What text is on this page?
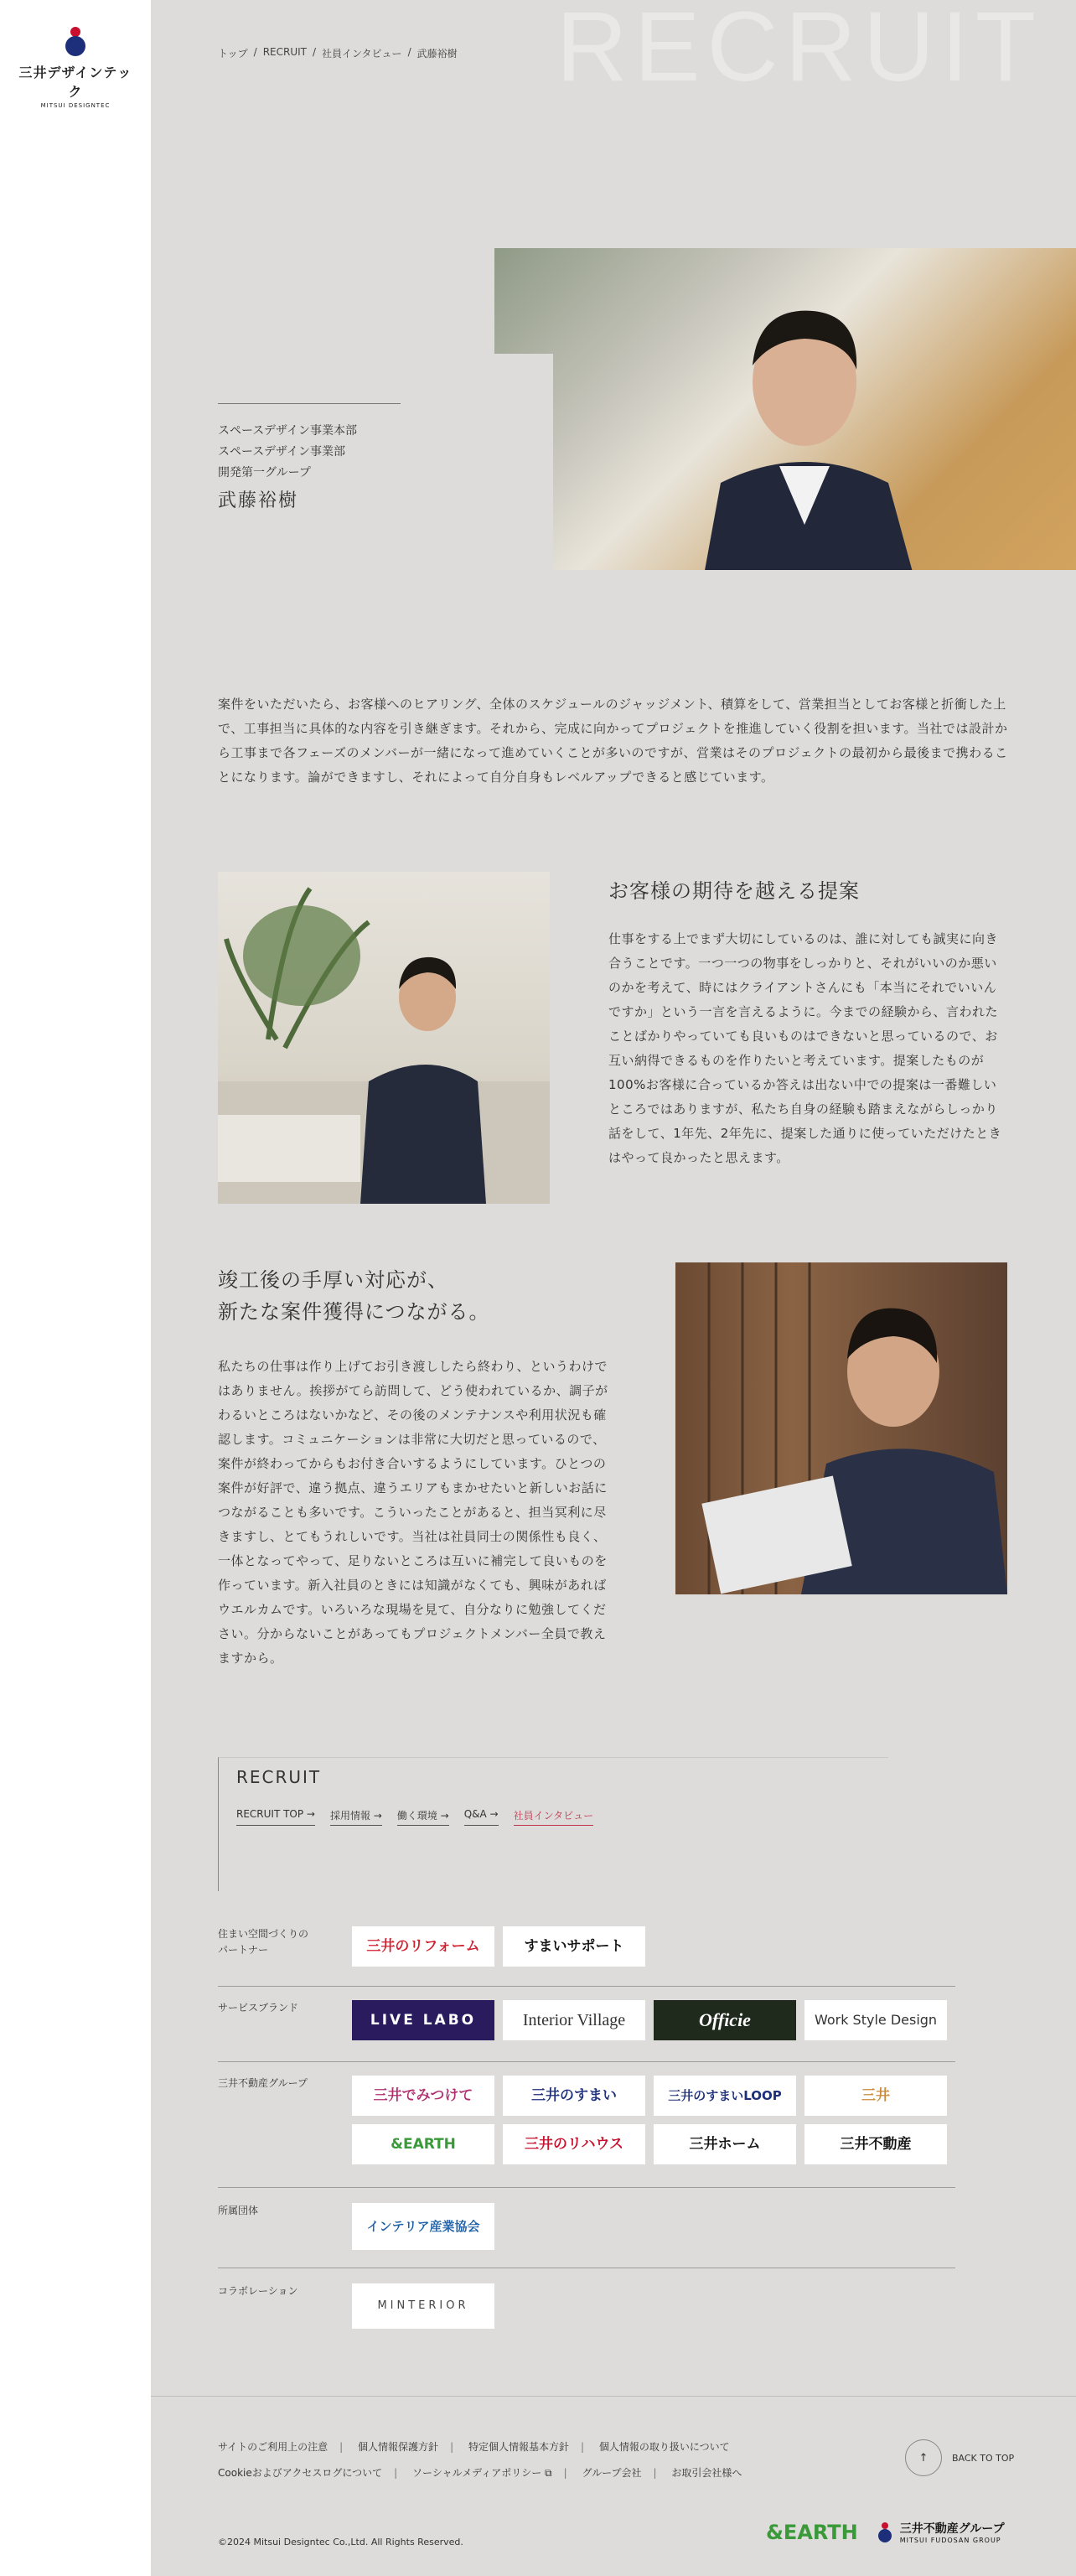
三井デザインテック
MITSUI DESIGNTEC
RECRUIT
トップ / RECRUIT / 社員インタビュー / 武藤裕樹
スペースデザイン事業本部
スペースデザイン事業部
開発第一グループ
武藤裕樹
案件をいただいたら、お客様へのヒアリング、全体のスケジュールのジャッジメント、積算をして、営業担当としてお客様と折衝した上で、工事担当に具体的な内容を引き継ぎます。それから、完成に向かってプロジェクトを推進していく役割を担います。当社では設計から工事まで各フェーズのメンバーが一緒になって進めていくことが多いのですが、営業はそのプロジェクトの最初から最後まで携わることになります。論ができますし、それによって自分自身もレベルアップできると感じています。
お客様の期待を越える提案
仕事をする上でまず大切にしているのは、誰に対しても誠実に向き合うことです。一つ一つの物事をしっかりと、それがいいのか悪いのかを考えて、時にはクライアントさんにも「本当にそれでいいんですか」という一言を言えるように。今までの経験から、言われたことばかりやっていても良いものはできないと思っているので、お互い納得できるものを作りたいと考えています。提案したものが100%お客様に合っているか答えは出ない中での提案は一番難しいところではありますが、私たち自身の経験も踏まえながらしっかり話をして、1年先、2年先に、提案した通りに使っていただけたときはやって良かったと思えます。
竣工後の手厚い対応が、
新たな案件獲得につながる。
私たちの仕事は作り上げてお引き渡ししたら終わり、というわけではありません。挨拶がてら訪問して、どう使われているか、調子がわるいところはないかなど、その後のメンテナンスや利用状況も確認します。コミュニケーションは非常に大切だと思っているので、案件が終わってからもお付き合いするようにしています。ひとつの案件が好評で、違う拠点、違うエリアもまかせたいと新しいお話につながることも多いです。こういったことがあると、担当冥利に尽きますし、とてもうれしいです。当社は社員同士の関係性も良く、一体となってやって、足りないところは互いに補完して良いものを作っています。新入社員のときには知識がなくても、興味があればウエルカムです。いろいろな現場を見て、自分なりに勉強してください。分からないことがあってもプロジェクトメンバー全員で教えますから。
RECRUIT
RECRUIT TOP → 採用情報 → 働く環境 → Q&A → 社員インタビュー
住まい空間づくりの
パートナー	三井のリフォーム	すまいサポート
サービスブランド
LIVE LABO	Interior Village	Officie	Work Style Design
三井不動産グループ
三井でみつけて	三井のすまい	三井のすまいLOOP	三井
&EARTH	三井のリハウス	三井ホーム	三井不動産
所属団体
インテリア産業協会
コラボレーション
MINTERIOR
サイトのご利用上の注意 | 個人情報保護方針 | 特定個人情報基本方針 | 個人情報の取り扱いについて
Cookieおよびアクセスログについて | ソーシャルメディアポリシー ⧉ | グループ会社 | お取引会社様へ
↑	BACK TO TOP
©2024 Mitsui Designtec Co.,Ltd. All Rights Reserved.	&EARTH	三井不動産グループ
MITSUI FUDOSAN GROUP
